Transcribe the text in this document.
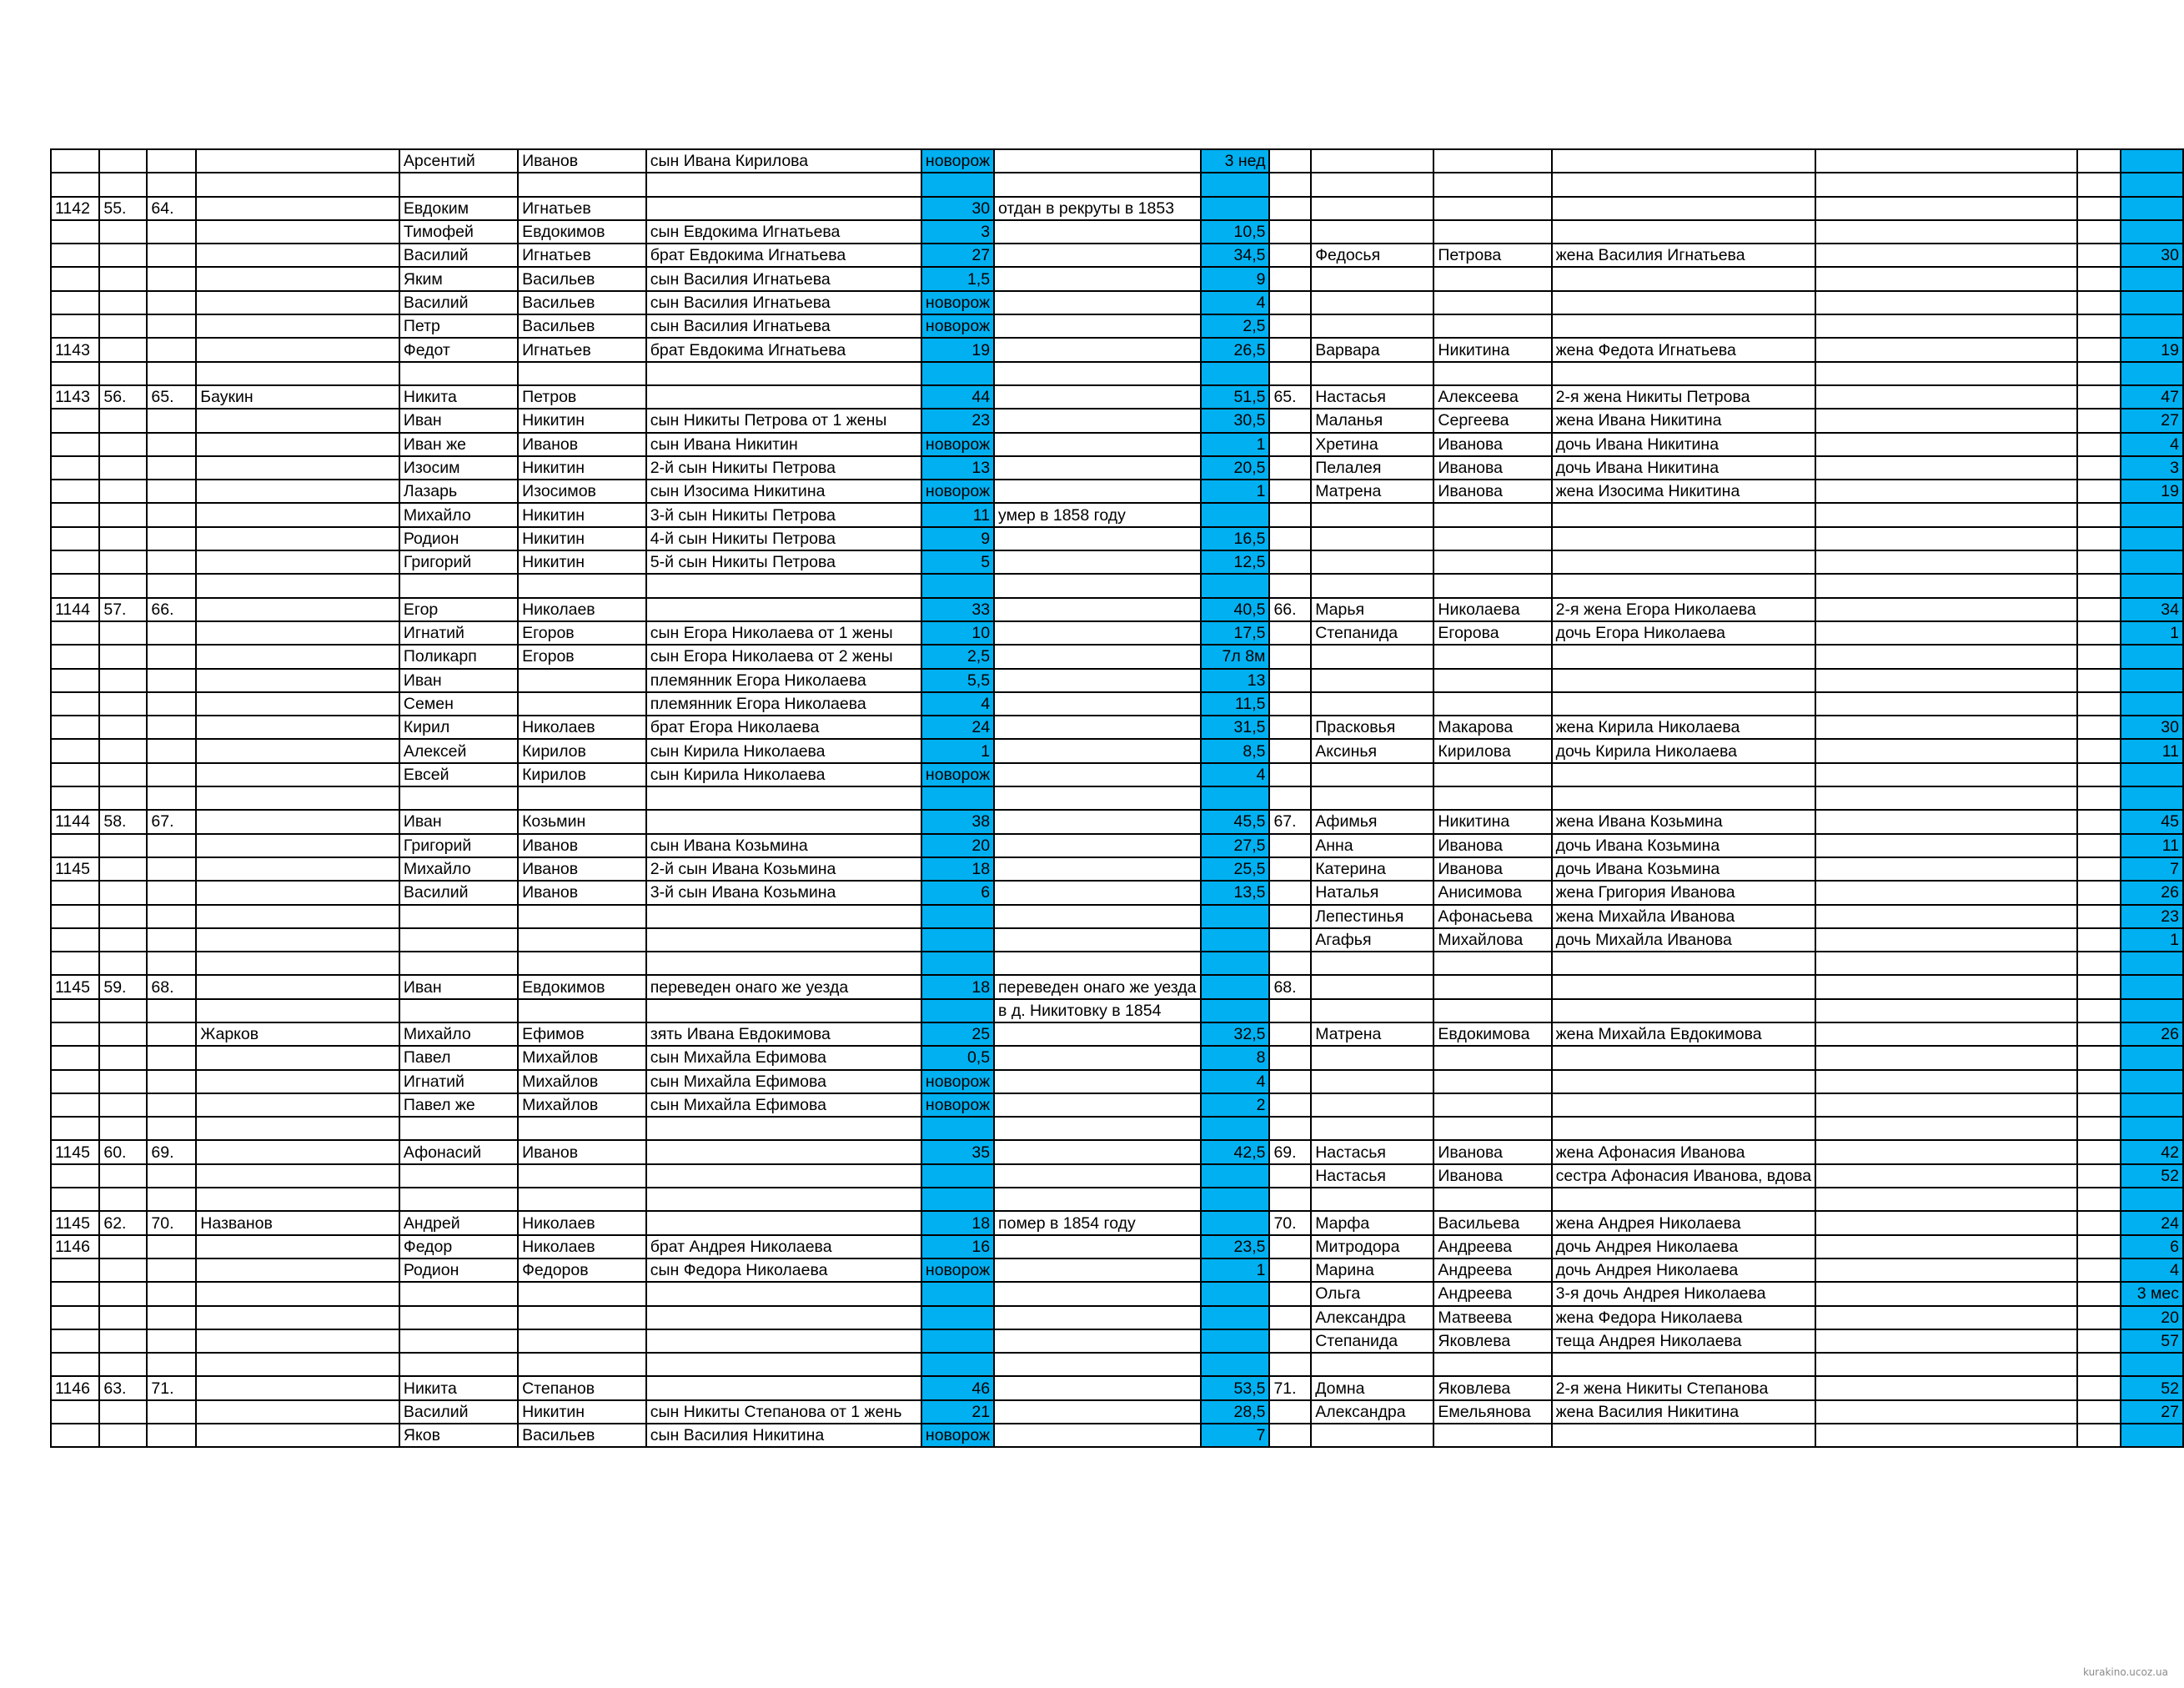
				Арсентий	Иванов	сын Ивана Кирилова	новорож		3 нед							

1142	55.	64.		Евдоким	Игнатьев		30	отдан в рекруты в 1853								
				Тимофей	Евдокимов	сын Евдокима Игнатьева	3		10,5							
				Василий	Игнатьев	брат Евдокима Игнатьева	27		34,5		Федосья	Петрова	жена Василия Игнатьева			30
				Яким	Васильев	сын Василия Игнатьева	1,5		9							
				Василий	Васильев	сын Василия Игнатьева	новорож		4							
				Петр	Васильев	сын Василия Игнатьева	новорож		2,5							
1143				Федот	Игнатьев	брат Евдокима Игнатьева	19		26,5		Варвара	Никитина	жена Федота Игнатьева			19

1143	56.	65.	Баукин	Никита	Петров		44		51,5	65.	Настасья	Алексеева	2-я жена Никиты Петрова			47
				Иван	Никитин	сын Никиты Петрова от 1 жены	23		30,5		Маланья	Сергеева	жена Ивана Никитина			27
				Иван же	Иванов	сын Ивана Никитин	новорож		1		Хретина	Иванова	дочь Ивана Никитина			4
				Изосим	Никитин	2-й сын Никиты Петрова	13		20,5		Пелалея	Иванова	дочь Ивана Никитина			3
				Лазарь	Изосимов	сын Изосима Никитина	новорож		1		Матрена	Иванова	жена Изосима Никитина			19
				Михайло	Никитин	3-й сын Никиты Петрова	11	умер в 1858 году								
				Родион	Никитин	4-й сын Никиты Петрова	9		16,5							
				Григорий	Никитин	5-й сын Никиты Петрова	5		12,5							

1144	57.	66.		Егор	Николаев		33		40,5	66.	Марья	Николаева	2-я жена Егора Николаева			34
				Игнатий	Егоров	сын Егора Николаева от 1 жены	10		17,5		Степанида	Егорова	дочь Егора Николаева			1
				Поликарп	Егоров	сын Егора Николаева от 2 жены	2,5		7л 8м							
				Иван		племянник Егора Николаева	5,5		13							
				Семен		племянник Егора Николаева	4		11,5							
				Кирил	Николаев	брат Егора Николаева	24		31,5		Прасковья	Макарова	жена Кирила Николаева			30
				Алексей	Кирилов	сын Кирила Николаева	1		8,5		Аксинья	Кирилова	дочь Кирила Николаева			11
				Евсей	Кирилов	сын Кирила Николаева	новорож		4							

1144	58.	67.		Иван	Козьмин		38		45,5	67.	Афимья	Никитина	жена Ивана Козьмина			45
				Григорий	Иванов	сын Ивана Козьмина	20		27,5		Анна	Иванова	дочь Ивана Козьмина			11
1145				Михайло	Иванов	2-й сын Ивана Козьмина	18		25,5		Катерина	Иванова	дочь Ивана Козьмина			7
				Василий	Иванов	3-й сын Ивана Козьмина	6		13,5		Наталья	Анисимова	жена Григория Иванова			26
											Лепестинья	Афонасьева	жена Михайла Иванова			23
											Агафья	Михайлова	дочь Михайла Иванова			1

1145	59.	68.		Иван	Евдокимов	переведен онаго же уезда	18	переведен онаго же уезда		68.						
								в д. Никитовку в 1854								
			Жарков	Михайло	Ефимов	зять Ивана Евдокимова	25		32,5		Матрена	Евдокимова	жена Михайла Евдокимова			26
				Павел	Михайлов	сын Михайла Ефимова	0,5		8							
				Игнатий	Михайлов	сын Михайла Ефимова	новорож		4							
				Павел же	Михайлов	сын Михайла Ефимова	новорож		2							

1145	60.	69.		Афонасий	Иванов		35		42,5	69.	Настасья	Иванова	жена Афонасия Иванова			42
											Настасья	Иванова	сестра Афонасия Иванова, вдова			52

1145	62.	70.	Названов	Андрей	Николаев		18	помер в 1854 году		70.	Марфа	Васильева	жена Андрея Николаева			24
1146				Федор	Николаев	брат Андрея Николаева	16		23,5		Митродора	Андреева	дочь Андрея Николаева			6
				Родион	Федоров	сын Федора Николаева	новорож		1		Марина	Андреева	дочь Андрея Николаева			4
											Ольга	Андреева	3-я дочь Андрея Николаева			3 мес
											Александра	Матвеева	жена Федора Николаева			20
											Степанида	Яковлева	теща Андрея Николаева			57

1146	63.	71.		Никита	Степанов		46		53,5	71.	Домна	Яковлева	2-я жена Никиты Степанова			52
				Василий	Никитин	сын Никиты Степанова от 1 жень	21		28,5		Александра	Емельянова	жена Василия Никитина			27
				Яков	Васильев	сын Василия Никитина	новорож		7							
kurakino.ucoz.ua
